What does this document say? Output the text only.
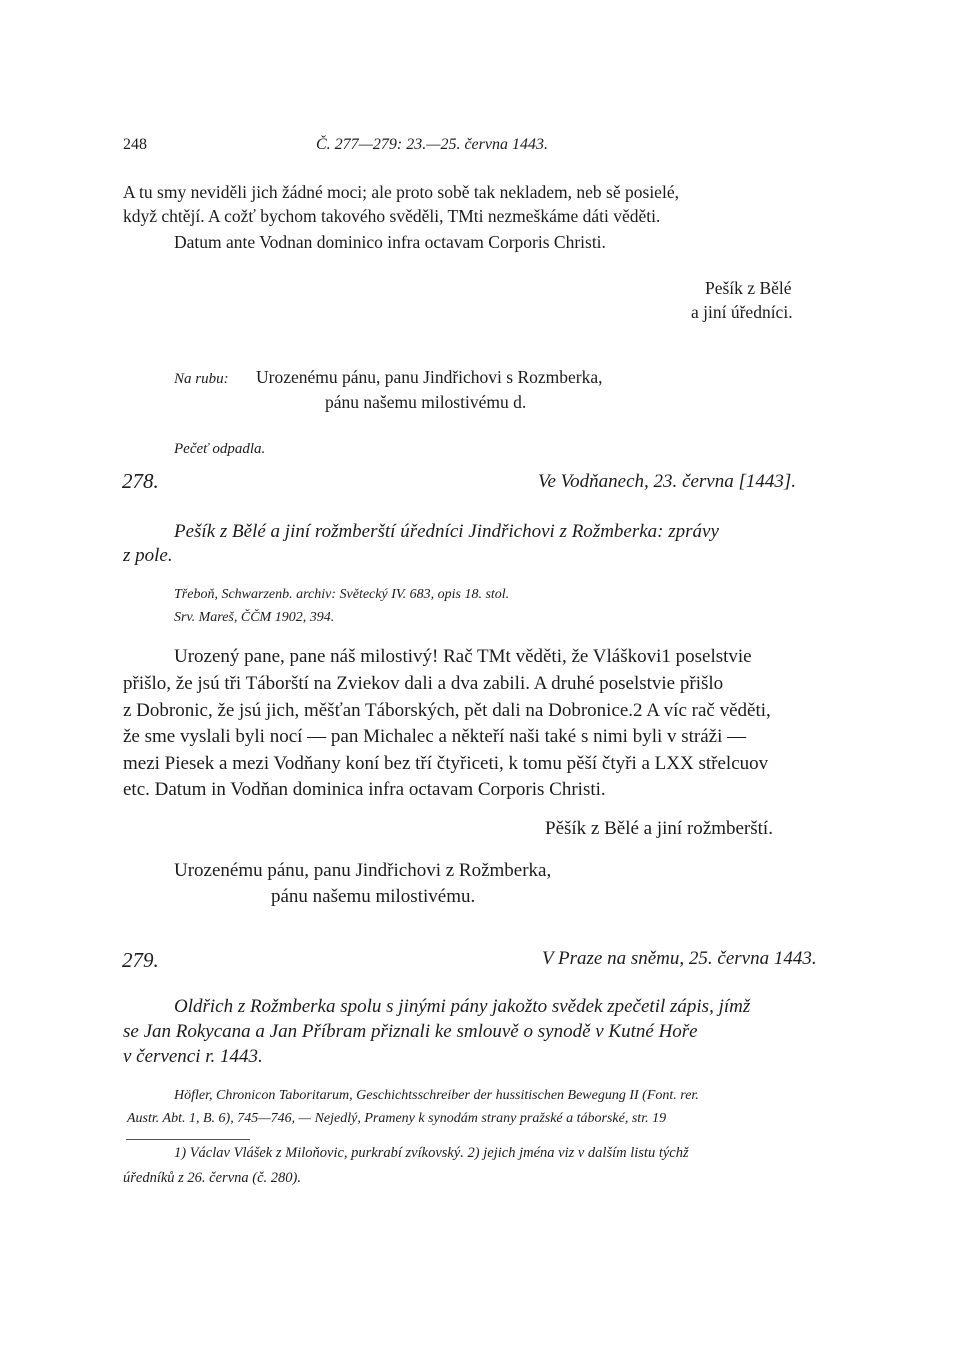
248	Č. 277—279: 23.—25. června 1443.
A tu smy neviděli jich žádné moci; ale proto sobě tak nekladem, neb sě posielé,
když chtějí. A cožť bychom takového svěděli, TMti nezmeškáme dáti věděti.
Datum ante Vodnan dominico infra octavam Corporis Christi.
Pešík z Bělé
a jiní úředníci.
Na rubu: Urozenému pánu, panu Jindřichovi s Rozmberka,
pánu našemu milostivému d.
Pečeť odpadla.
278.	Ve Vodňanech, 23. června [1443].
Pešík z Bělé a jiní rožmberští úředníci Jindřichovi z Rožmberka: zprávy
z pole.
Třeboň, Schwarzenb. archiv: Světecký IV. 683, opis 18. stol.
Srv. Mareš, ČČM 1902, 394.
Urozený pane, pane náš milostivý! Rač TMt věděti, že Vláškovi1 poselstvie
přišlo, že jsú tři Táborští na Zviekov dali a dva zabili. A druhé poselstvie přišlo
z Dobronic, že jsú jich, měšťan Táborských, pět dali na Dobronice.2 A víc rač věděti,
že sme vyslali byli nocí — pan Michalec a někteří naši také s nimi byli v stráži —
mezi Piesek a mezi Vodňany koní bez tří čtyřiceti, k tomu pěší čtyři a LXX střelcuov
etc. Datum in Vodňan dominica infra octavam Corporis Christi.
Pěšík z Bělé a jiní rožmberští.
Urozenému pánu, panu Jindřichovi z Rožmberka,
pánu našemu milostivému.
279.	V Praze na sněmu, 25. června 1443.
Oldřich z Rožmberka spolu s jinými pány jakožto svědek zpečetil zápis, jímž
se Jan Rokycana a Jan Příbram přiznali ke smlouvě o synodě v Kutné Hoře
v červenci r. 1443.
Höfler, Chronicon Taboritarum, Geschichtsschreiber der hussitischen Bewegung II (Font. rer.
Austr. Abt. 1, B. 6), 745—746, — Nejedlý, Prameny k synodám strany pražské a táborské, str. 19
1) Václav Vlášek z Miloňovic, purkrabí zvíkovský. 2) jejich jména viz v dalším listu týchž
úředníků z 26. června (č. 280).
